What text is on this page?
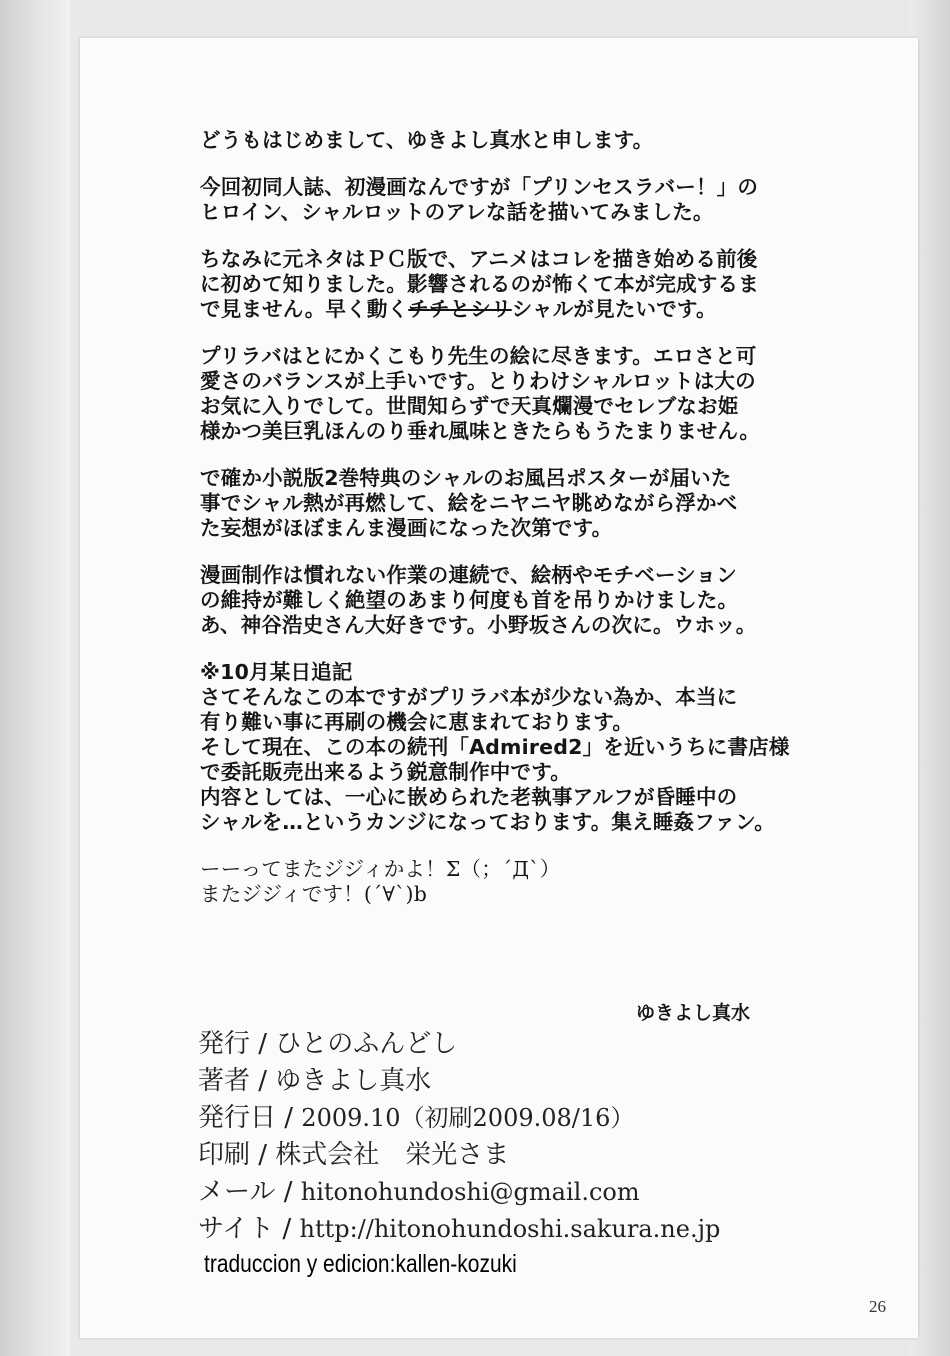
どうもはじめまして、ゆきよし真水と申します。
今回初同人誌、初漫画なんですが「プリンセスラバー！」の
ヒロイン、シャルロットのアレな話を描いてみました。
ちなみに元ネタはＰＣ版で、アニメはコレを描き始める前後
に初めて知りました。影響されるのが怖くて本が完成するま
で見ません。早く動くチチとシリシャルが見たいです。
プリラバはとにかくこもり先生の絵に尽きます。エロさと可
愛さのバランスが上手いです。とりわけシャルロットは大の
お気に入りでして。世間知らずで天真爛漫でセレブなお姫
様かつ美巨乳ほんのり垂れ風味ときたらもうたまりません。
で確か小説版2巻特典のシャルのお風呂ポスターが届いた
事でシャル熱が再燃して、絵をニヤニヤ眺めながら浮かべ
た妄想がほぼまんま漫画になった次第です。
漫画制作は慣れない作業の連続で、絵柄やモチベーション
の維持が難しく絶望のあまり何度も首を吊りかけました。
あ、神谷浩史さん大好きです。小野坂さんの次に。ウホッ。
※10月某日追記
さてそんなこの本ですがプリラバ本が少ない為か、本当に
有り難い事に再刷の機会に恵まれております。
そして現在、この本の続刊「Admired2」を近いうちに書店様
で委託販売出来るよう鋭意制作中です。
内容としては、一心に嵌められた老執事アルフが昏睡中の
シャルを…というカンジになっております。集え睡姦ファン。
ーーってまたジジィかよ！Σ（；´Д`）
またジジィです！(´∀`)b
ゆきよし真水
発行 / ひとのふんどし
著者 / ゆきよし真水
発行日 / 2009.10（初刷2009.08/16）
印刷 / 株式会社　栄光さま
メール / hitonohundoshi@gmail.com
サイト / http://hitonohundoshi.sakura.ne.jp
traduccion y edicion:kallen-kozuki
26
